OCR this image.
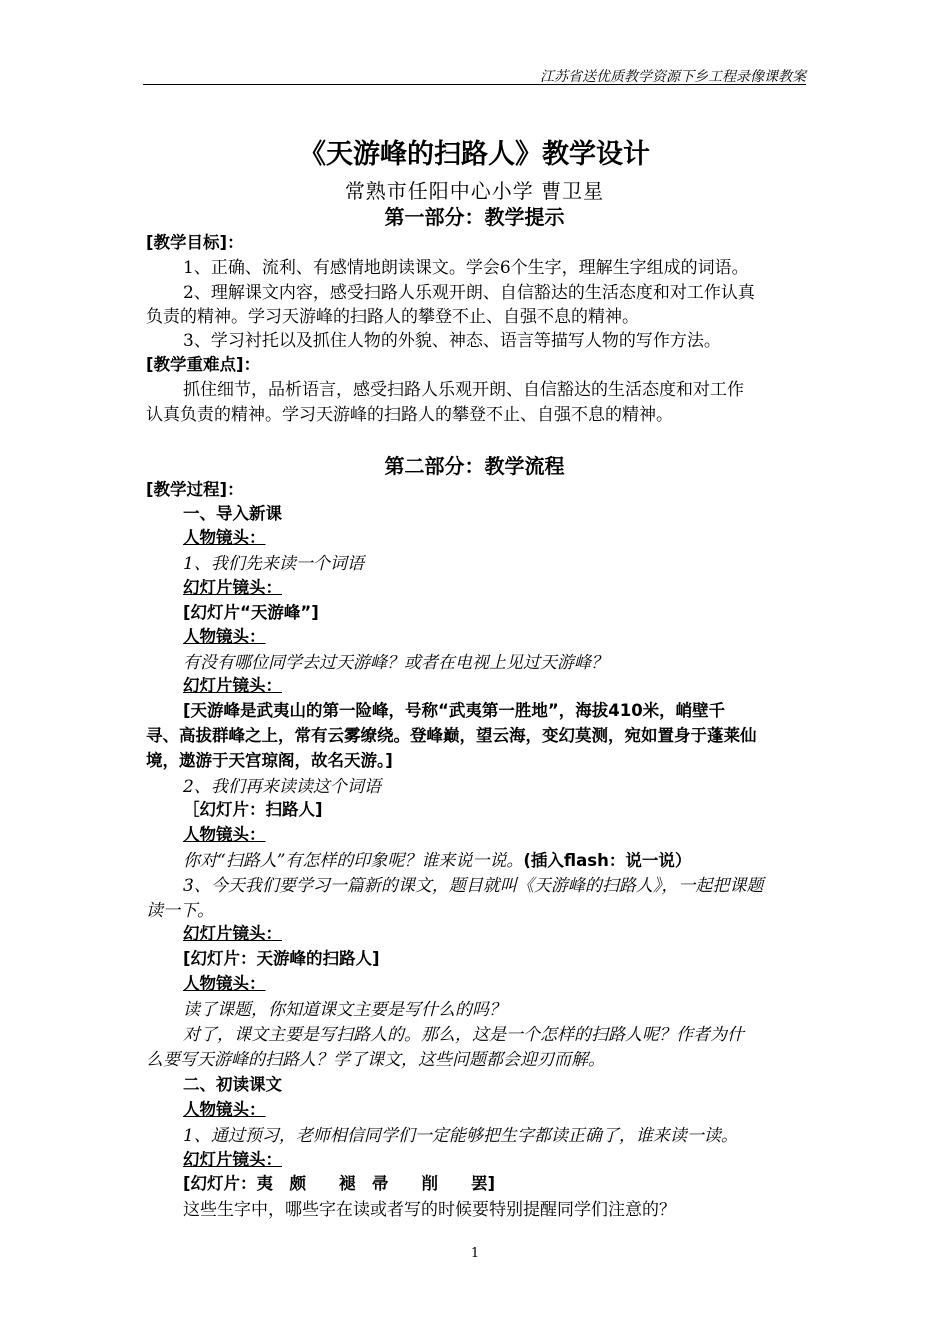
江苏省送优质教学资源下乡工程录像课教案
《天游峰的扫路人》教学设计
常熟市任阳中心小学 曹卫星
第一部分：教学提示
[教学目标]：
1、正确、流利、有感情地朗读课文。学会6个生字，理解生字组成的词语。
2、理解课文内容，感受扫路人乐观开朗、自信豁达的生活态度和对工作认真
负责的精神。学习天游峰的扫路人的攀登不止、自强不息的精神。
3、学习衬托以及抓住人物的外貌、神态、语言等描写人物的写作方法。
[教学重难点]：
抓住细节，品析语言，感受扫路人乐观开朗、自信豁达的生活态度和对工作
认真负责的精神。学习天游峰的扫路人的攀登不止、自强不息的精神。
第二部分：教学流程
[教学过程]：
一、导入新课
人物镜头：
1、我们先来读一个词语
幻灯片镜头：
[幻灯片“天游峰”]
人物镜头：
有没有哪位同学去过天游峰？或者在电视上见过天游峰？
幻灯片镜头：
[天游峰是武夷山的第一险峰，号称“武夷第一胜地”，海拔410米，峭壁千
寻、高拔群峰之上，常有云雾缭绕。登峰巅，望云海，变幻莫测，宛如置身于蓬莱仙
境，遨游于天宫琼阁，故名天游。]
2、我们再来读读这个词语
［幻灯片：扫路人]
人物镜头：
你对“扫路人”有怎样的印象呢？谁来说一说。(插入flash：说一说）
3、今天我们要学习一篇新的课文，题目就叫《天游峰的扫路人》，一起把课题
读一下。
幻灯片镜头：
[幻灯片：天游峰的扫路人]
人物镜头：
读了课题，你知道课文主要是写什么的吗？
对了，课文主要是写扫路人的。那么，这是一个怎样的扫路人呢？作者为什
么要写天游峰的扫路人？学了课文，这些问题都会迎刃而解。
二、初读课文
人物镜头：
1、通过预习，老师相信同学们一定能够把生字都读正确了，谁来读一读。
幻灯片镜头：
[幻灯片：夷　颇　　褪　帚　　削　　罢]
这些生字中，哪些字在读或者写的时候要特别提醒同学们注意的？
1
